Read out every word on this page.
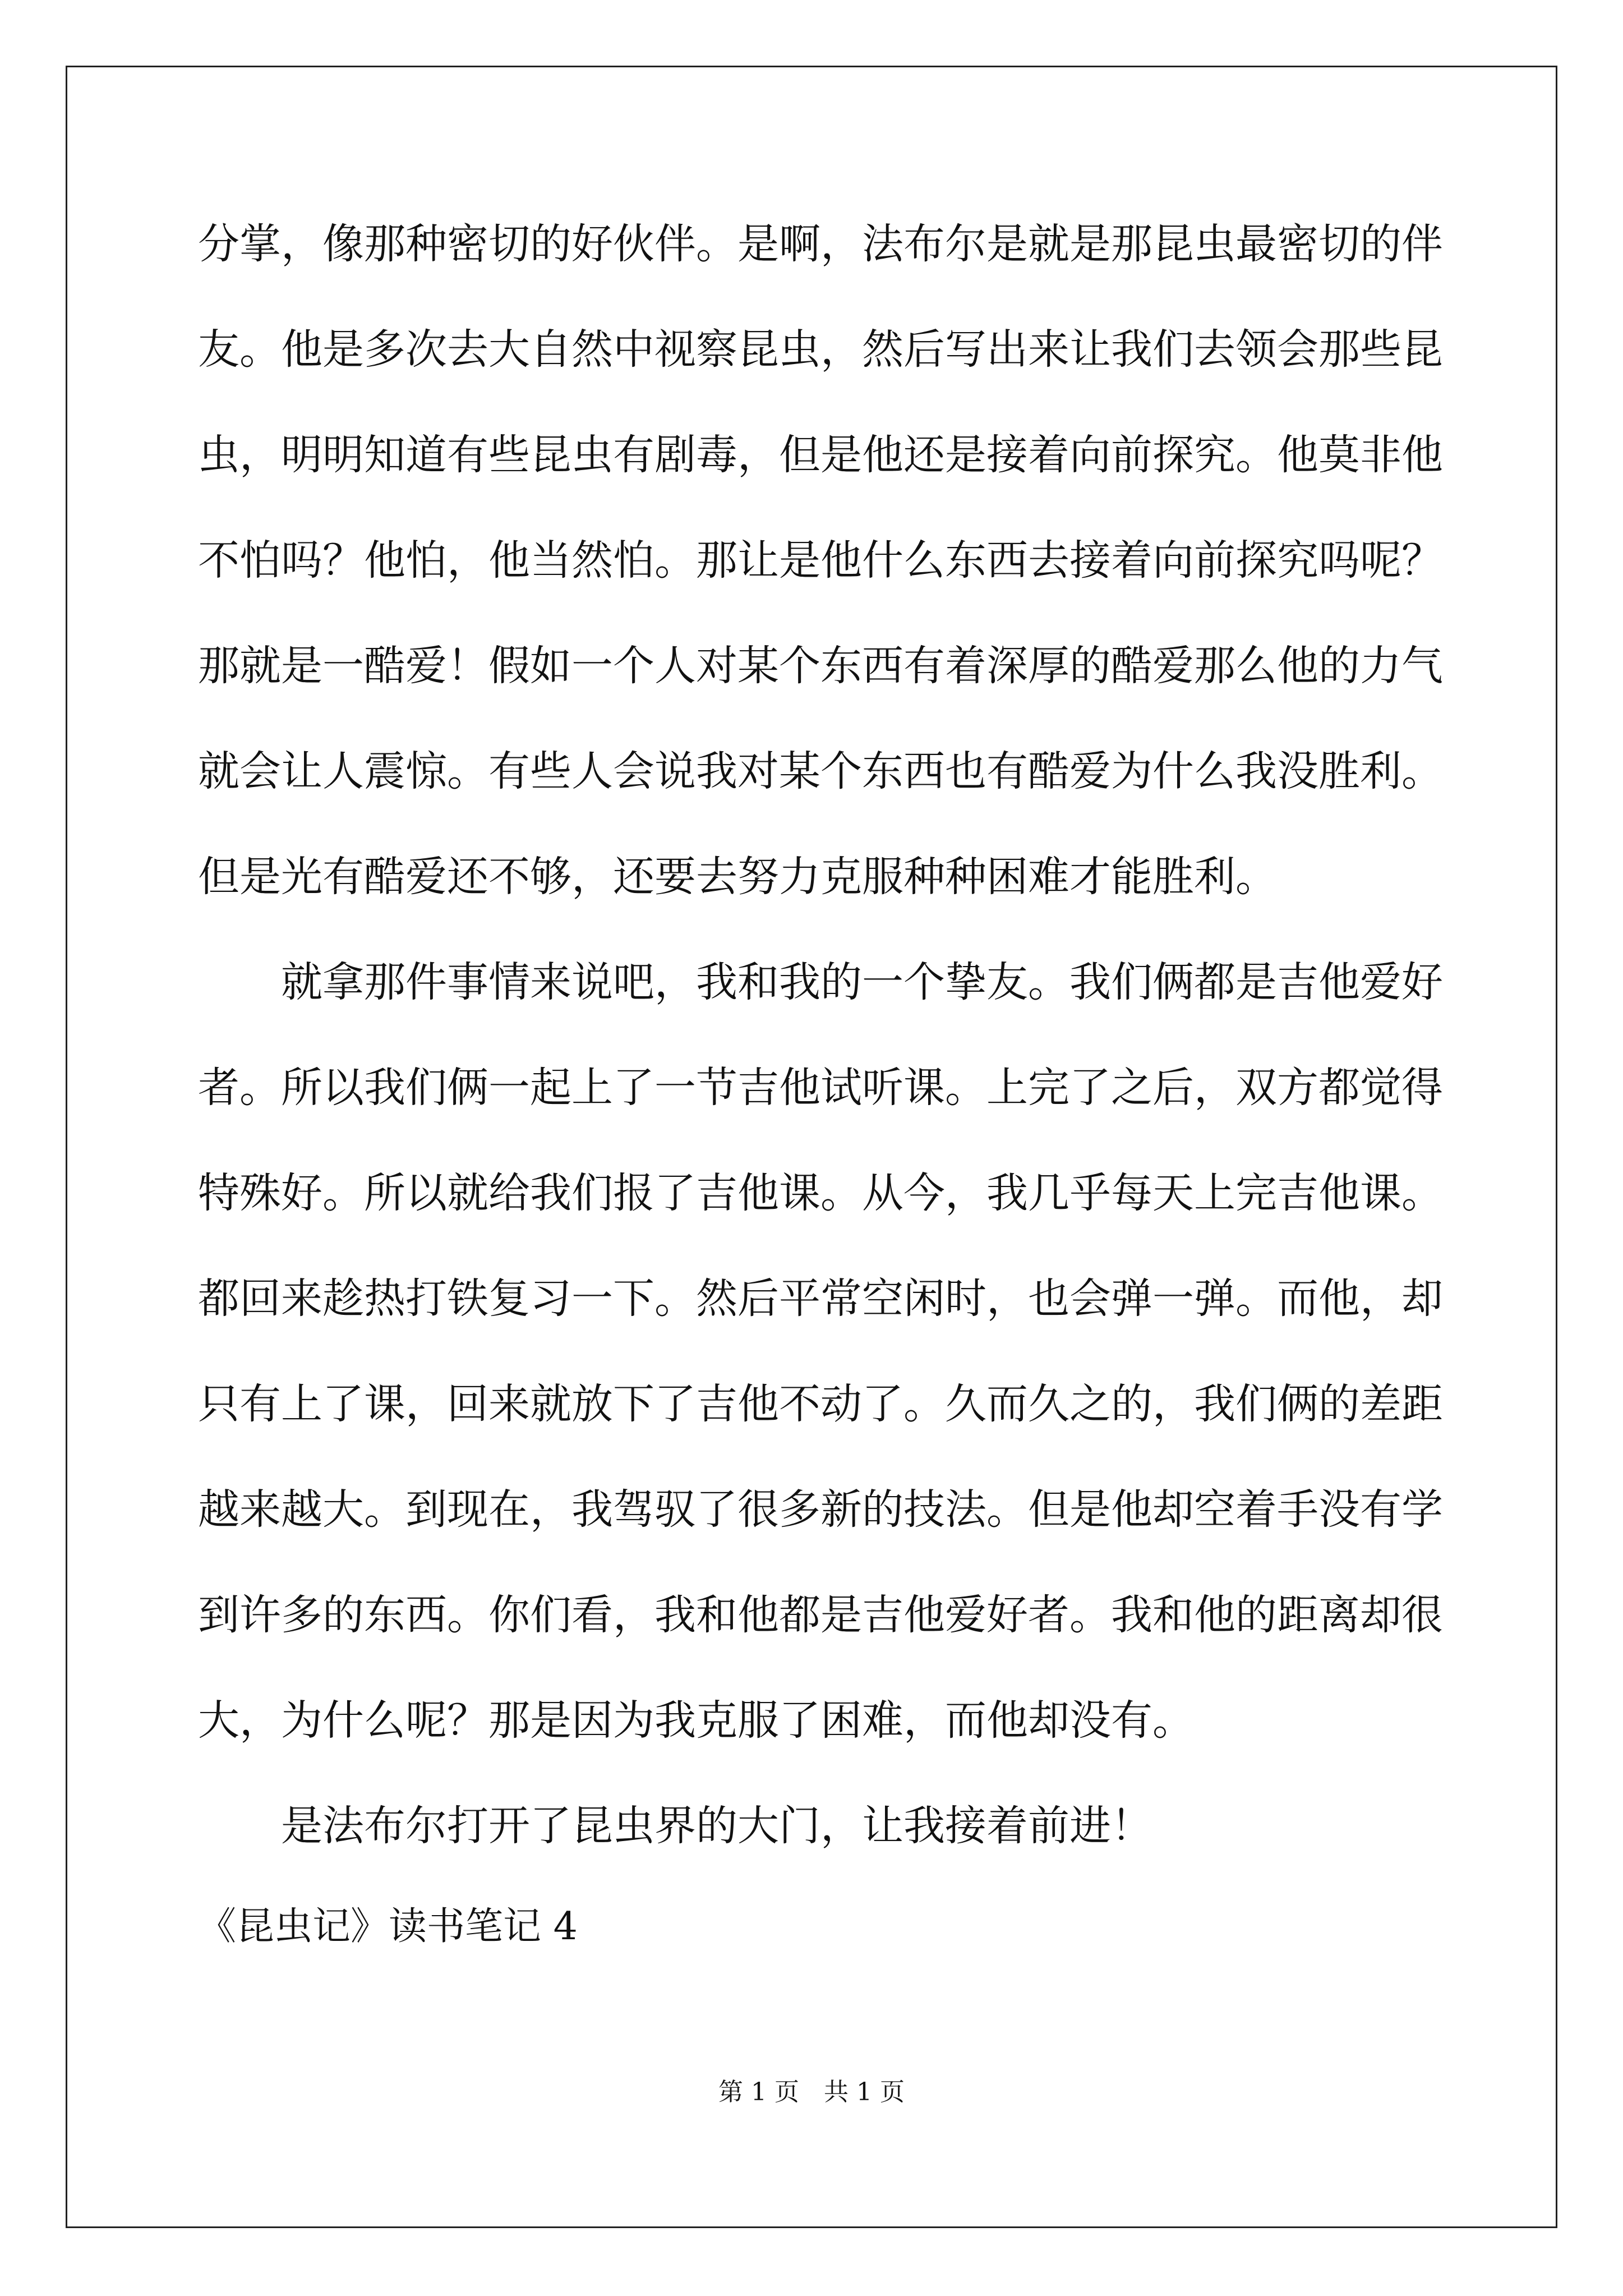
分掌，像那种密切的好伙伴。是啊，法布尔是就是那昆虫最密切的伴
友。他是多次去大自然中视察昆虫，然后写出来让我们去领会那些昆
虫，明明知道有些昆虫有剧毒，但是他还是接着向前探究。他莫非他
不怕吗？他怕，他当然怕。那让是他什么东西去接着向前探究吗呢？
那就是一酷爱！假如一个人对某个东西有着深厚的酷爱那么他的力气
就会让人震惊。有些人会说我对某个东西也有酷爱为什么我没胜利。
但是光有酷爱还不够，还要去努力克服种种困难才能胜利。
就拿那件事情来说吧，我和我的一个挚友。我们俩都是吉他爱好
者。所以我们俩一起上了一节吉他试听课。上完了之后，双方都觉得
特殊好。所以就给我们报了吉他课。从今，我几乎每天上完吉他课。
都回来趁热打铁复习一下。然后平常空闲时，也会弹一弹。而他，却
只有上了课，回来就放下了吉他不动了。久而久之的，我们俩的差距
越来越大。到现在，我驾驭了很多新的技法。但是他却空着手没有学
到许多的东西。你们看，我和他都是吉他爱好者。我和他的距离却很
大，为什么呢？那是因为我克服了困难，而他却没有。
是法布尔打开了昆虫界的大门，让我接着前进！
《昆虫记》读书笔记 4
第 1 页　共 1 页
